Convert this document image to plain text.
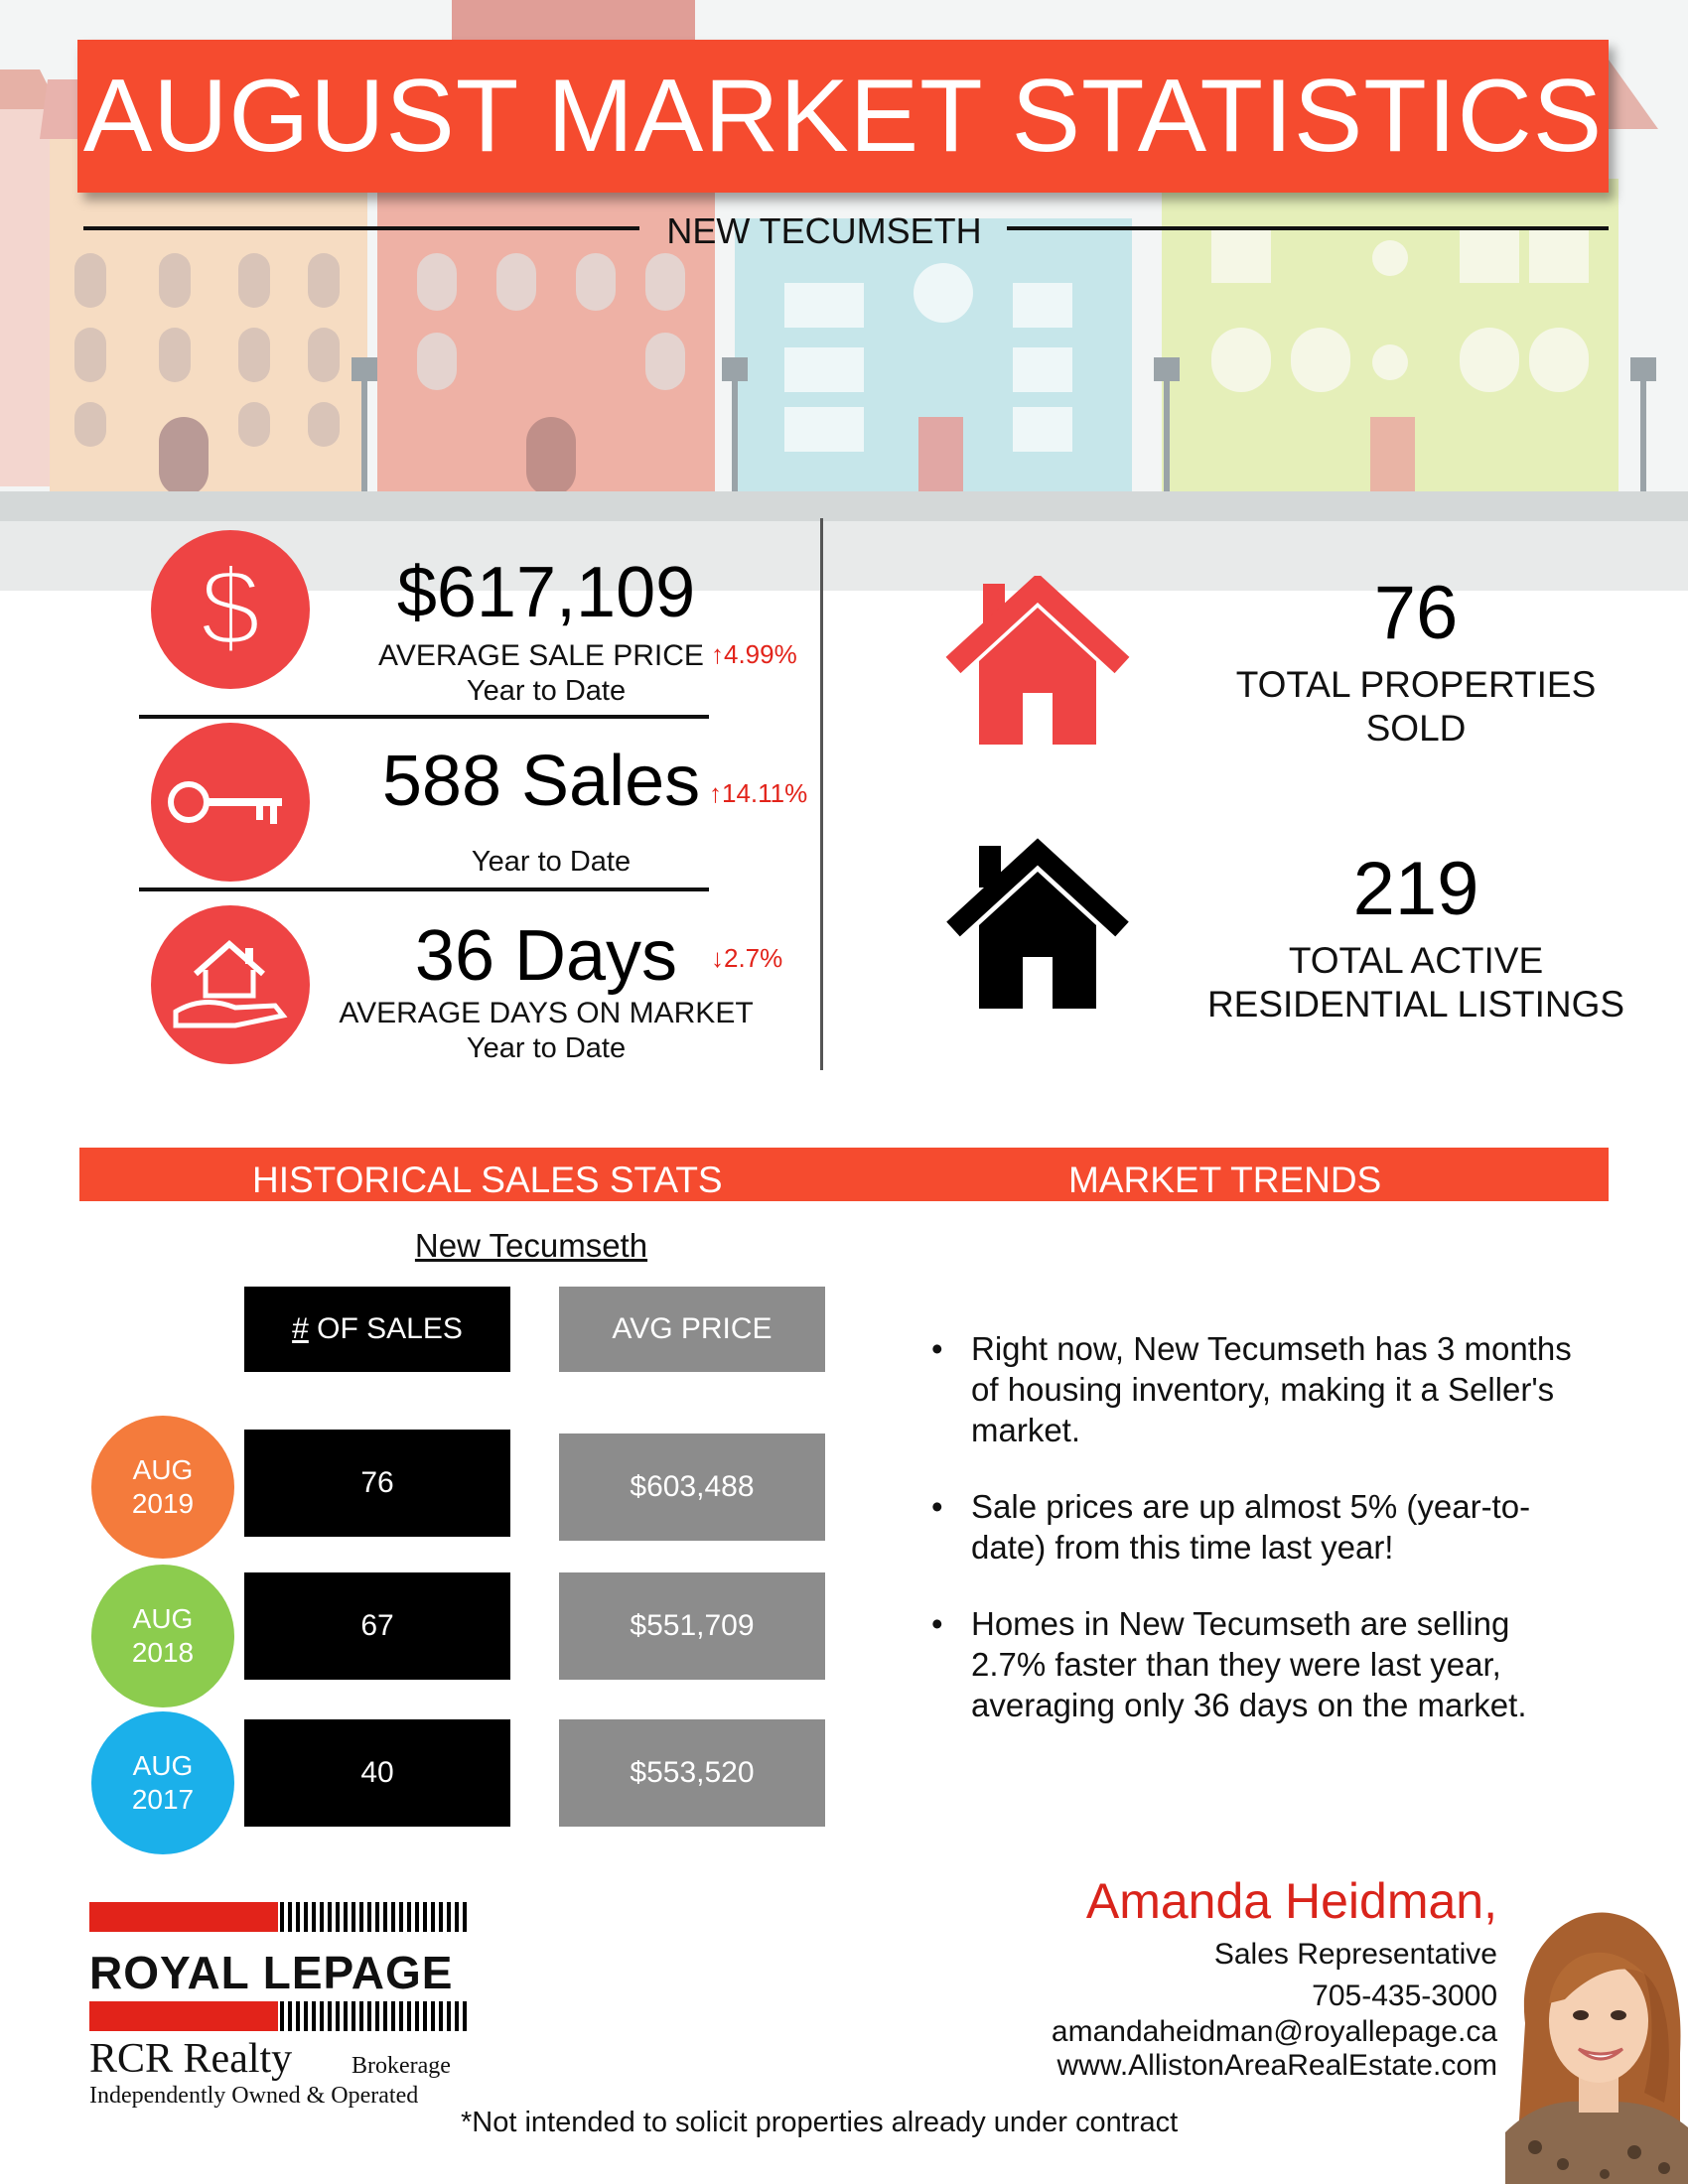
AUGUST MARKET STATISTICS
NEW TECUMSETH
$ $617,109
AVERAGE SALE PRICE ↑4.99%
Year to Date
588 Sales ↑14.11%
Year to Date
36 Days	↓2.7%
AVERAGE DAYS ON MARKET
Year to Date
76
TOTAL PROPERTIES
SOLD
219
TOTAL ACTIVE
RESIDENTIAL LISTINGS
HISTORICAL SALES STATS	MARKET TRENDS
New Tecumseth
# OF SALES	AVG PRICE
AUG
2019
76	$603,488
AUG
2018
67	$551,709
AUG
2017
40	$553,520
• Right now, New Tecumseth has 3 months of housing inventory, making it a Seller's market.
• Sale prices are up almost 5% (year-to-date) from this time last year!
• Homes in New Tecumseth are selling 2.7% faster than they were last year, averaging only 36 days on the market.
ROYAL LEPAGE
RCR Realty Brokerage
Independently Owned & Operated
Amanda Heidman,
Sales Representative
705-435-3000
amandaheidman@royallepage.ca
www.AllistonAreaRealEstate.com
*Not intended to solicit properties already under contract
